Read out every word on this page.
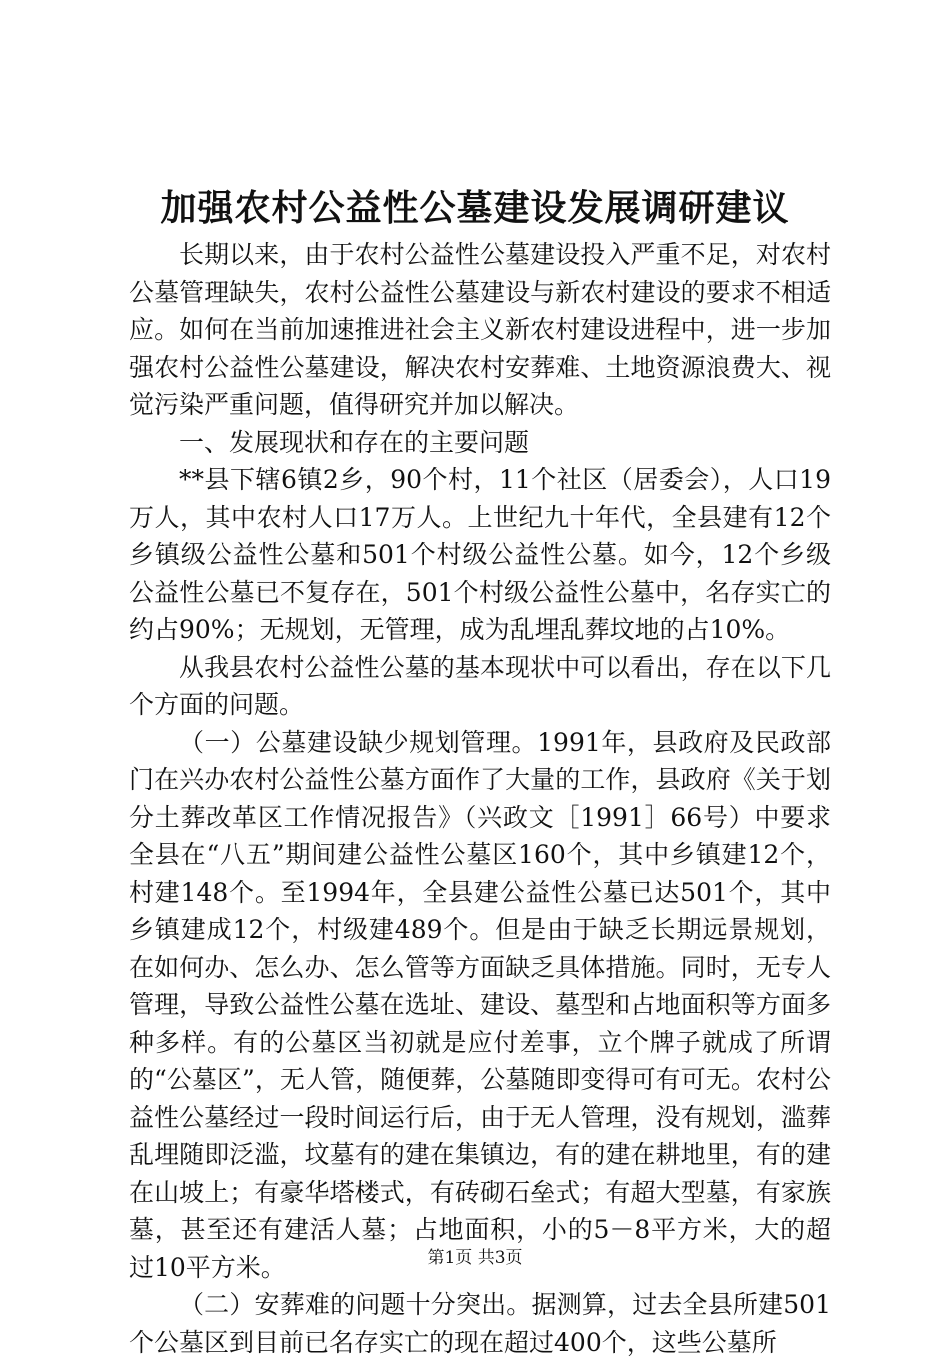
加强农村公益性公墓建设发展调研建议

长期以来，由于农村公益性公墓建设投入严重不足，对农村公墓管理缺失，农村公益性公墓建设与新农村建设的要求不相适应。如何在当前加速推进社会主义新农村建设进程中，进一步加强农村公益性公墓建设，解决农村安葬难、土地资源浪费大、视觉污染严重问题，值得研究并加以解决。

一、发展现状和存在的主要问题

**县下辖6镇2乡，90个村，11个社区（居委会），人口19万人，其中农村人口17万人。上世纪九十年代，全县建有12个乡镇级公益性公墓和501个村级公益性公墓。如今，12个乡级公益性公墓已不复存在，501个村级公益性公墓中，名存实亡的约占90%；无规划，无管理，成为乱埋乱葬坟地的占10%。

从我县农村公益性公墓的基本现状中可以看出，存在以下几个方面的问题。

（一）公墓建设缺少规划管理。1991年，县政府及民政部门在兴办农村公益性公墓方面作了大量的工作，县政府《关于划分土葬改革区工作情况报告》（兴政文［1991］66号）中要求全县在“八五”期间建公益性公墓区160个，其中乡镇建12个，村建148个。至1994年，全县建公益性公墓已达501个，其中乡镇建成12个，村级建489个。但是由于缺乏长期远景规划，在如何办、怎么办、怎么管等方面缺乏具体措施。同时，无专人管理，导致公益性公墓在选址、建设、墓型和占地面积等方面多种多样。有的公墓区当初就是应付差事，立个牌子就成了所谓的“公墓区”，无人管，随便葬，公墓随即变得可有可无。农村公益性公墓经过一段时间运行后，由于无人管理，没有规划，滥葬乱埋随即泛滥，坟墓有的建在集镇边，有的建在耕地里，有的建在山坡上；有豪华塔楼式，有砖砌石垒式；有超大型墓，有家族墓，甚至还有建活人墓；占地面积，小的5－8平方米，大的超过10平方米。

（二）安葬难的问题十分突出。据测算，过去全县所建501个公墓区到目前已名存实亡的现在超过400个，这些公墓所

第1页 共3页
